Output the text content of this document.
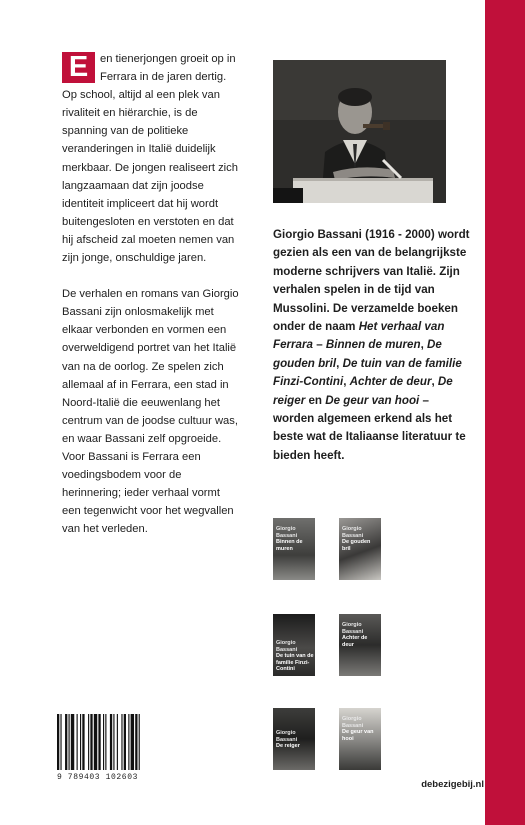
E	en tienerjongen groeit op in Ferrara in de jaren dertig. Op school, altijd al een plek van rivaliteit en hiërarchie, is de spanning van de politieke veranderingen in Italië duidelijk merkbaar. De jongen realiseert zich langzaamaan dat zijn joodse identiteit impliceert dat hij wordt buitengesloten en verstoten en dat hij afscheid zal moeten nemen van zijn jonge, onschuldige jaren.

De verhalen en romans van Giorgio Bassani zijn onlosmakelijk met elkaar verbonden en vormen een overweldigend portret van het Italië van na de oorlog. Ze spelen zich allemaal af in Ferrara, een stad in Noord-Italië die eeuwenlang het centrum van de joodse cultuur was, en waar Bassani zelf opgroeide. Voor Bassani is Ferrara een voedingsbodem voor de herinnering; ieder verhaal vormt een tegenwicht voor het wegvallen van het verleden.

Giorgio Bassani (1916 - 2000) wordt gezien als een van de belangrijkste moderne schrijvers van Italië. Zijn verhalen spelen in de tijd van Mussolini. De verzamelde boeken onder de naam Het verhaal van Ferrara – Binnen de muren, De gouden bril, De tuin van de familie Finzi-Contini, Achter de deur, De reiger en De geur van hooi – worden algemeen erkend als het beste wat de Italiaanse literatuur te bieden heeft.

Giorgio Bassani
Binnen de muren
Giorgio Bassani
De gouden bril
Giorgio Bassani
De tuin van de familie Finzi-Contini
Giorgio Bassani
Achter de deur
Giorgio Bassani
De reiger
Giorgio Bassani
De geur van hooi
9 789403 102603
debezigebij.nl
